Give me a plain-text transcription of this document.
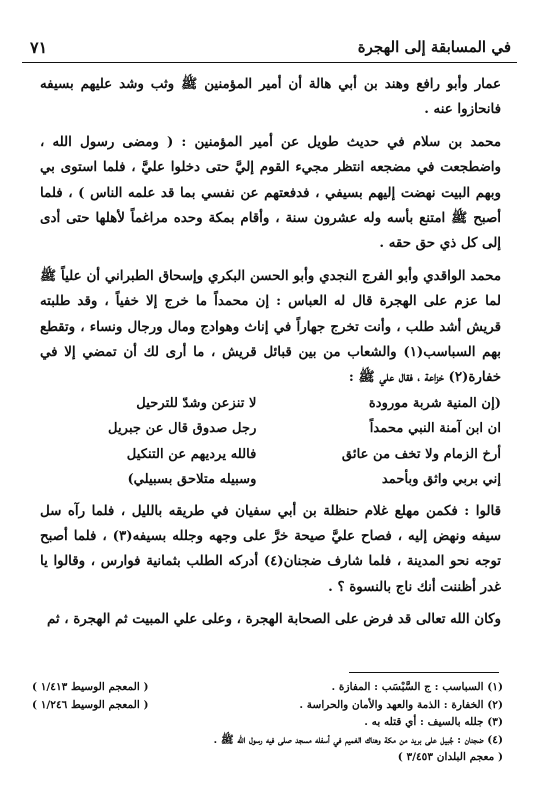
في المسابقة إلى الهجرة
٧١

عمار وأبو رافع وهند بن أبي هالة أن أمير المؤمنين ﷺ وثب وشد عليهم بسيفه فانحازوا عنه .

محمد بن سلام في حديث طويل عن أمير المؤمنين : ( ومضى رسول الله ، واضطجعت في مضجعه انتظر مجيء القوم إليَّ حتى دخلوا عليَّ ، فلما استوى بي وبهم البيت نهضت إليهم بسيفي ، فدفعتهم عن نفسي بما قد علمه الناس ) ، فلما أصبح ﷺ امتنع بأسه وله عشرون سنة ، وأقام بمكة وحده مراغماً لأهلها حتى أدى إلى كل ذي حق حقه .

محمد الواقدي وأبو الفرج النجدي وأبو الحسن البكري وإسحاق الطبراني أن علياً ﷺ لما عزم على الهجرة قال له العباس : إن محمداً ما خرج إلا خفياً ، وقد طلبته قريش أشد طلب ، وأنت تخرج جهاراً في إناث وهوادج ومال ورجال ونساء ، وتقطع بهم السباسب(١) والشعاب من بين قبائل قريش ، ما أرى لك أن تمضي إلا في خفارة(٢) خزاعة ، فقال علي ﷺ :

(إن المنية شربة مورودة
لا تنزعن وشدّ للترحيل
ان ابن آمنة النبي محمداً
رجل صدوق قال عن جبريل
أرخ الزمام ولا تخف من عائق
فالله يرديهم عن التنكيل
إني بربي واثق وبأحمد
وسبيله متلاحق بسبيلي)

قالوا : فكمن مهلع غلام حنظلة بن أبي سفيان في طريقه بالليل ، فلما رآه سل سيفه ونهض إليه ، فصاح عليَّ صيحة خرَّ على وجهه وجلله بسيفه(٣) ، فلما أصبح توجه نحو المدينة ، فلما شارف ضجنان(٤) أدركه الطلب بثمانية فوارس ، وقالوا يا غدر أظننت أنك ناج بالنسوة ؟ .

وكان الله تعالى قد فرض على الصحابة الهجرة ، وعلى علي المبيت ثم الهجرة ، ثم

(١) السباسب : ج السَّبْسَب : المفازة .
( المعجم الوسيط ١/٤١٣ )
(٢) الخفارة : الذمة والعهد والأمان والحراسة .
( المعجم الوسيط ١/٢٤٦ )
(٣) جلله بالسيف : أي قتله به .
(٤) ضجنان : جُبيل على بريد من مكة وهناك الغميم في أسفله مسجد صلى فيه رسول الله ﷺ .
( معجم البلدان ٣/٤٥٣ )
